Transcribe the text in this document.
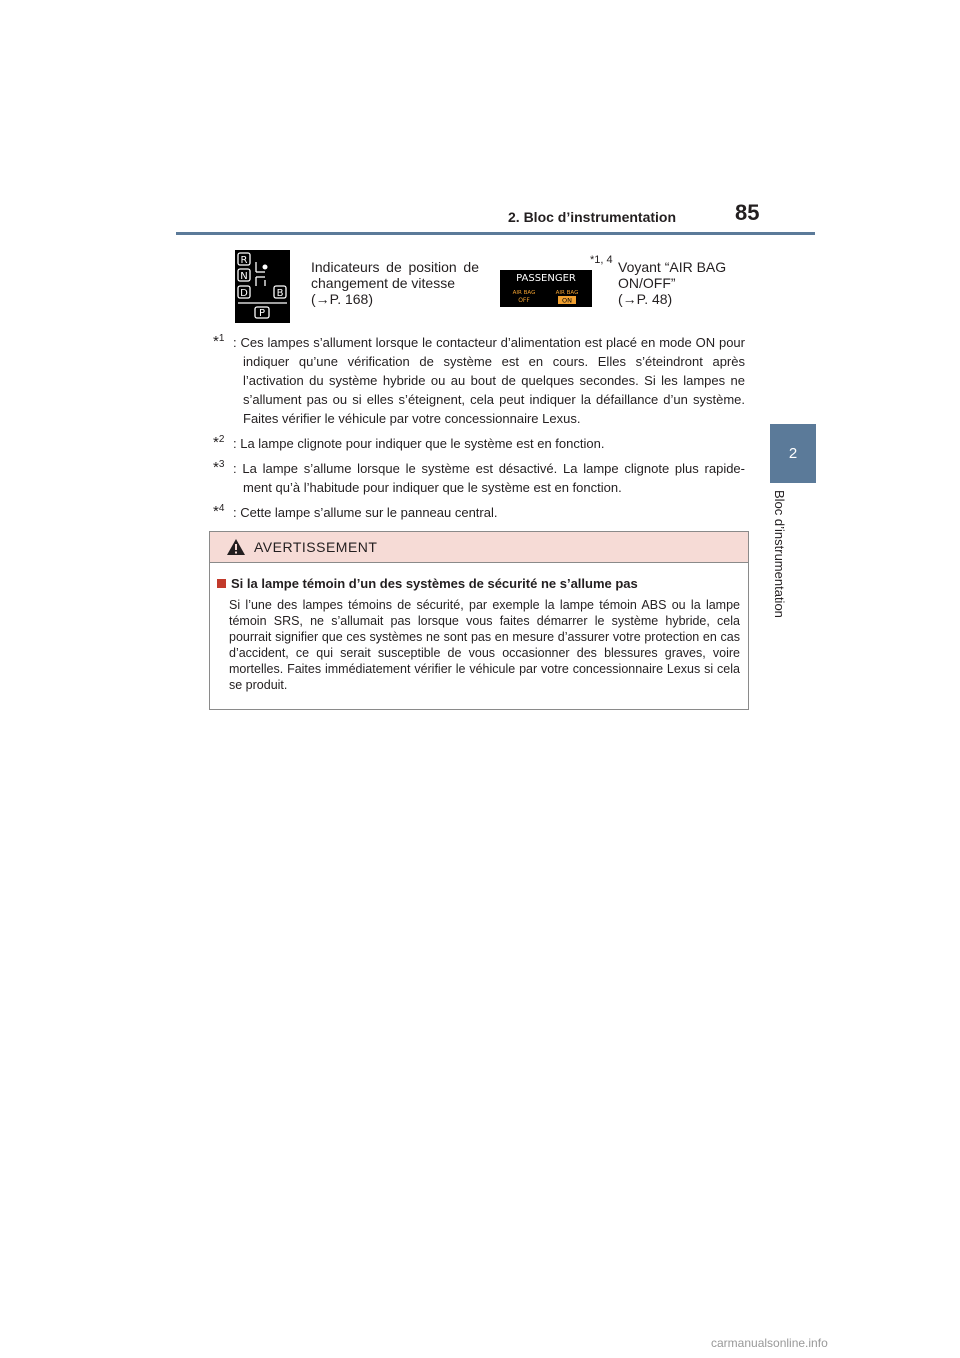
2. Bloc d’instrumentation	85
2
Bloc d’instrumentation
R
N
D	B
P
Indicateurs de position de
changement de vitesse
(→P. 168)
PASSENGER
AIR BAG
OFF
AIR BAG
ON
*1, 4 Voyant “AIR BAG
ON/OFF”
(→P. 48)
*$^1$ : Ces lampes s’allument lorsque le contacteur d’alimentation est placé en mode ON pour indiquer qu’une vérification de système est en cours. Elles s’éteindront après l’activation du système hybride ou au bout de quelques secondes. Si les lampes ne s’allument pas ou si elles s’éteignent, cela peut indiquer la défaillance d’un système. Faites vérifier le véhicule par votre concessionnaire Lexus.
*$^2$ : La lampe clignote pour indiquer que le système est en fonction.
*$^3$ : La lampe s’allume lorsque le système est désactivé. La lampe clignote plus rapide-ment qu’à l’habitude pour indiquer que le système est en fonction.
*$^4$ : Cette lampe s’allume sur le panneau central.
AVERTISSEMENT
Si la lampe témoin d’un des systèmes de sécurité ne s’allume pas
Si l’une des lampes témoins de sécurité, par exemple la lampe témoin ABS ou la lampe témoin SRS, ne s’allumait pas lorsque vous faites démarrer le système hybride, cela pourrait signifier que ces systèmes ne sont pas en mesure d’assurer votre protection en cas d’accident, ce qui serait susceptible de vous occasionner des blessures graves, voire mortelles. Faites immédiatement vérifier le véhicule par votre concessionnaire Lexus si cela se produit.
carmanualsonline.info
